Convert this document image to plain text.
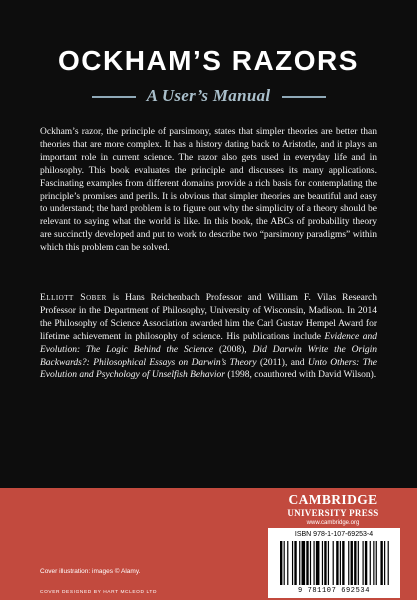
OCKHAM’S RAZORS
A User’s Manual

Ockham’s razor, the principle of parsimony, states that simpler theories are better than theories that are more complex. It has a history dating back to Aristotle, and it plays an important role in current science. The razor also gets used in everyday life and in philosophy. This book evaluates the principle and discusses its many applications. Fascinating examples from different domains provide a rich basis for contemplating the principle’s promises and perils. It is obvious that simpler theories are beautiful and easy to understand; the hard problem is to figure out why the simplicity of a theory should be relevant to saying what the world is like. In this book, the ABCs of probability theory are succinctly developed and put to work to describe two “parsimony paradigms” within which this problem can be solved.

Elliott Sober is Hans Reichenbach Professor and William F. Vilas Research Professor in the Department of Philosophy, University of Wisconsin, Madison. In 2014 the Philosophy of Science Association awarded him the Carl Gustav Hempel Award for lifetime achievement in philosophy of science. His publications include Evidence and Evolution: The Logic Behind the Science (2008), Did Darwin Write the Origin Backwards?: Philosophical Essays on Darwin’s Theory (2011), and Unto Others: The Evolution and Psychology of Unselfish Behavior (1998, coauthored with David Wilson).

CAMBRIDGE
UNIVERSITY PRESS
www.cambridge.org
ISBN 978-1-107-69253-4
9 781107 692534
Cover illustration: images © Alamy.
COVER DESIGNED BY HART MCLEOD LTD
